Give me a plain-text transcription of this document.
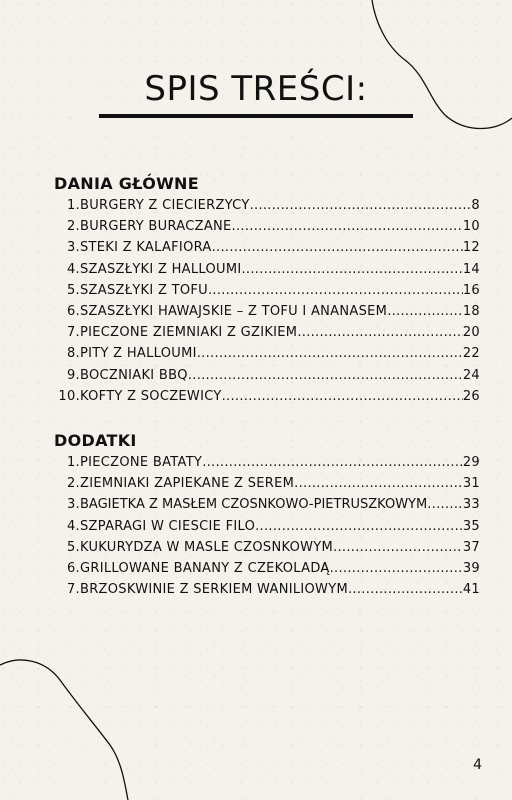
SPIS TREŚCI:
DANIA GŁÓWNE
1. BURGERY Z CIECIERZYCY .....	8
2. BURGERY BURACZANE .....	10
3. STEKI Z KALAFIORA .....	12
4. SZASZŁYKI Z HALLOUMI .....	14
5. SZASZŁYKI Z TOFU .....	16
6. SZASZŁYKI HAWAJSKIE – Z TOFU I ANANASEM .....	18
7. PIECZONE ZIEMNIAKI Z GZIKIEM .....	20
8. PITY Z HALLOUMI .....	22
9. BOCZNIAKI BBQ .....	24
10. KOFTY Z SOCZEWICY .....	26
DODATKI
1. PIECZONE BATATY .....	29
2. ZIEMNIAKI ZAPIEKANE Z SEREM .....	31
3. BAGIETKA Z MASŁEM CZOSNKOWO-PIETRUSZKOWYM .....	33
4. SZPARAGI W CIEŚCIE FILO .....	35
5. KUKURYDZA W MAŚLE CZOSNKOWYM .....	37
6. GRILLOWANE BANANY Z CZEKOLADĄ .....	39
7. BRZOSKWINIE Z SERKIEM WANILIOWYM .....	41
4
